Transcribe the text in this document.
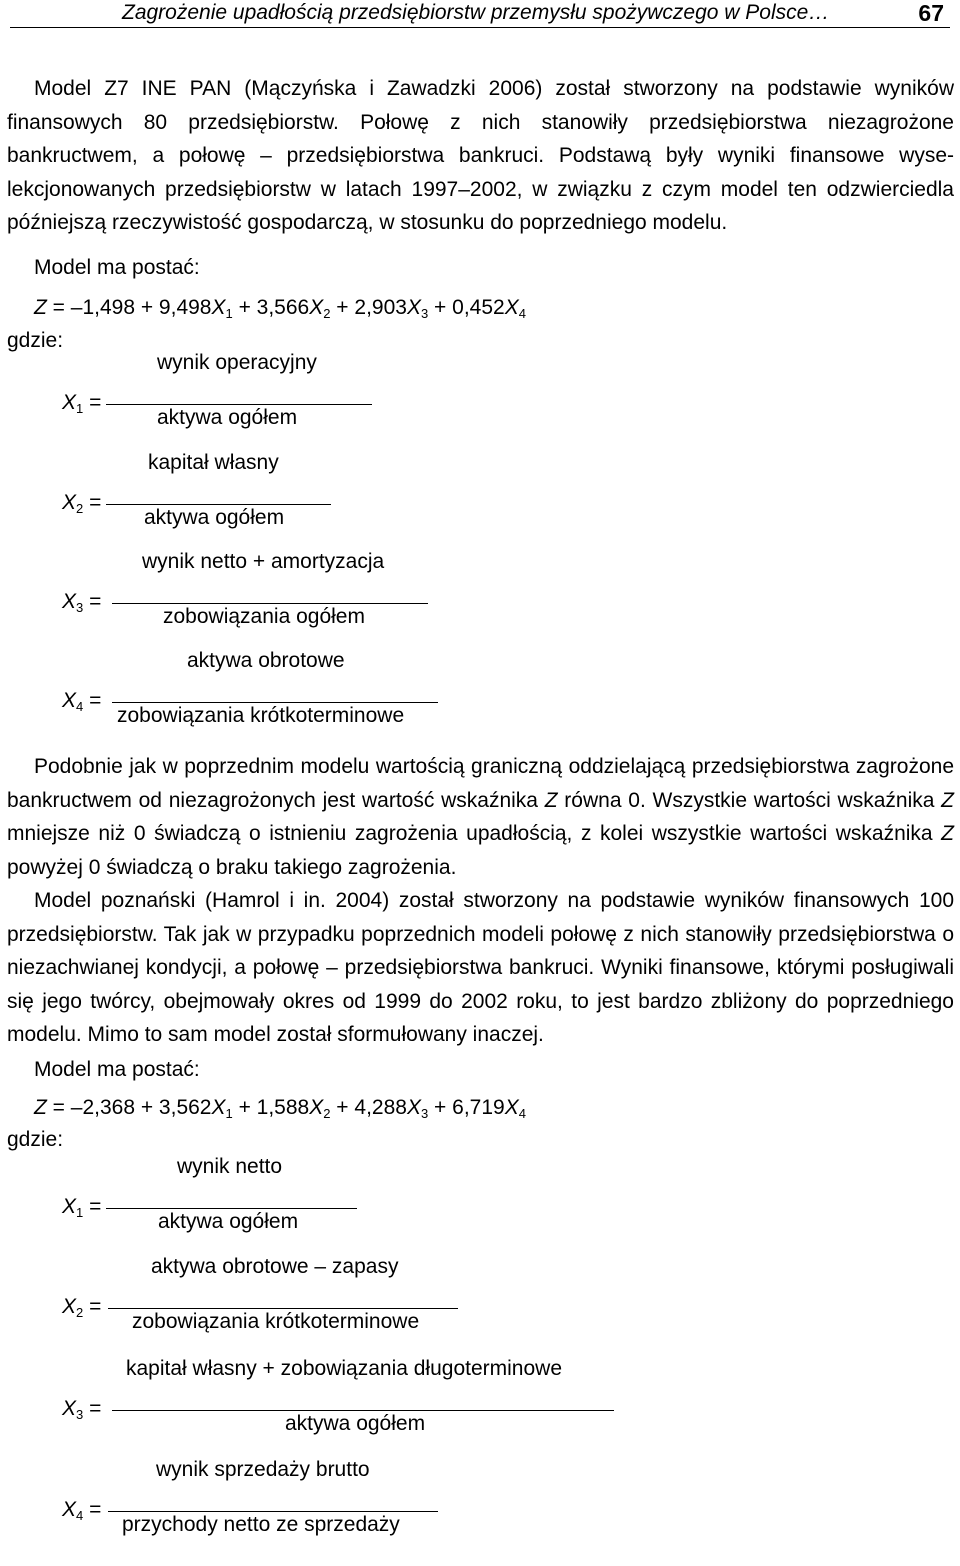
Zagrożenie upadłością przedsiębiorstw przemysłu spożywczego w Polsce…	67

Model Z7 INE PAN (Mączyńska i Zawadzki 2006) został stworzony na podstawie wyników finansowych 80 przedsiębiorstw. Połowę z nich stanowiły przedsiębiorstwa niezagrożone bankructwem, a połowę – przedsiębiorstwa bankruci. Podstawą były wyniki finansowe wyselekcjonowanych przedsiębiorstw w latach 1997–2002, w związku z czym model ten odzwierciedla późniejszą rzeczywistość gospodarczą, w stosunku do poprzedniego modelu.

Model ma postać:
$Z = -1,498 + 9,498X_1 + 3,566X_2 + 2,903X_3 + 0,452X_4$
gdzie:
$X_1$ =
wynik operacyjny
aktywa ogółem
$X_2$ =
kapitał własny
aktywa ogółem
$X_3$ =
wynik netto + amortyzacja
zobowiązania ogółem
$X_4$ =
aktywa obrotowe
zobowiązania krótkoterminowe

Podobnie jak w poprzednim modelu wartością graniczną oddzielającą przedsiębiorstwa zagrożone bankructwem od niezagrożonych jest wartość wskaźnika Z równa 0. Wszystkie wartości wskaźnika Z mniejsze niż 0 świadczą o istnieniu zagrożenia upadłością, z kolei wszystkie wartości wskaźnika Z powyżej 0 świadczą o braku takiego zagrożenia.

Model poznański (Hamrol i in. 2004) został stworzony na podstawie wyników finansowych 100 przedsiębiorstw. Tak jak w przypadku poprzednich modeli połowę z nich stanowiły przedsiębiorstwa o niezachwianej kondycji, a połowę – przedsiębiorstwa bankruci. Wyniki finansowe, którymi posługiwali się jego twórcy, obejmowały okres od 1999 do 2002 roku, to jest bardzo zbliżony do poprzedniego modelu. Mimo to sam model został sformułowany inaczej.

Model ma postać:
$Z = -2,368 + 3,562X_1 + 1,588X_2 + 4,288X_3 + 6,719X_4$
gdzie:
$X_1$ =
wynik netto
aktywa ogółem
$X_2$ =
aktywa obrotowe – zapasy
zobowiązania krótkoterminowe
$X_3$ =
kapitał własny + zobowiązania długoterminowe
aktywa ogółem
$X_4$ =
wynik sprzedaży brutto
przychody netto ze sprzedaży
